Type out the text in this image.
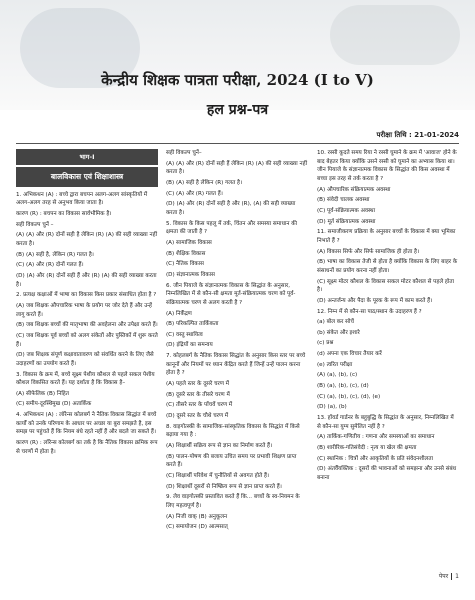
केन्द्रीय शिक्षक पात्रता परीक्षा, 2024 (I to V)
हल प्रश्न-पत्र
परीक्षा तिथि : 21-01-2024
भाग-I
बालविकास एवं शिक्षाशास्त्र
1. अभिकथन (A) : बच्चे द्वारा बचपन अलग-अलग सांस्कृतियों में अलग-अलग तरह से अनुभव किया जाता है।
कारण (R) : बचपन का विकास सार्वभौमिक है।
सही विकल्प चुनें –
(A) (A) और (R) दोनों सही है लेकिन (R) (A) की सही व्याख्या नहीं करता है।
(B) (A) सही है, लेकिन (R) गलत है।
(C) (A) और (R) दोनों गलत हैं।
(D) (A) और (R) दोनों सही हैं और (R) (A) की सही व्याख्या करता है।
2. प्रत्यक्ष कक्षाओं में भाषा का विकास किस प्रकार संसाधित होता है ?
(A) जब शिक्षक औपचारिक भाषा के प्रयोग पर जोर देते हैं और उन्हें लागू करते हैं।
(B) जब शिक्षक बच्चों की मातृभाषा की अवहेलना और उपेक्षा करते हैं।
(C) जब शिक्षक पूर्व बच्चों को अलग संकेतों और पुस्तिकों में शुरू करते हैं।
(D) जब शिक्षक संपूर्ण कक्षावातावरण को संवर्धित करने के लिए जैसे उदाहरणों का उपयोग करते हैं।
3. विकास के क्रम में, बच्चे सूक्ष्म पेशीय कौशल से पहले सकल पेशीय कौशल विकसित करते हैं। यह दर्शाता है कि विकास है–
(A) सीफेलिक (B) निहित
(C) समीप-दूरस्थिमुख (D) अतार्किक
4. अभिकथन (A) : लॉरेन्स कोलबर्ग ने नैतिक विकास सिद्धांत में बच्चे कार्यों को उनके परिणाम के आधार पर अच्छा या बुरा समझते है, इस समझ पर पहुंचते हैं कि नियम बंधे रहते नहीं हैं और बदले जा सकते हैं।
कारण (R) : लॉरेन्स कोलबर्ग का तर्क है कि नैतिक विकास क्रमिक रूप से चरणों में होता है।
सही विकल्प चुनें–
(A) (A) और (R) दोनों सही हैं लेकिन (R) (A) की सही व्याख्या नहीं करता है।
(B) (A) सही है लेकिन (R) गलत है।
(C) (A) और (R) गलत हैं।
(D) (A) और (R) दोनों सही है और (R), (A) की सही व्याख्या करता है।
5. विकास के किस पहलू में तर्क, चिंतन और समस्या समाधान की क्षमता की जाती है ?
(A) सामाजिक विकास
(B) शैक्षिक विकास
(C) नैतिक विकास
(D) संज्ञानात्मक विकास
6. जीन पियाजे के संज्ञानात्मक विकास के सिद्धांत के अनुसार, निम्नलिखित में से कौन-सी क्षमता मूर्त-संक्रियात्मक चरण को पूर्व-संक्रियात्मक चरण से अलग करती है ?
(A) निर्केंद्रण
(B) परिकल्पित तार्किकता
(C) वस्तु स्थायित्व
(D) इंद्रियों का समन्वय
7. कोहलबर्ग के नैतिक विकास सिद्धांत के अनुसार किस स्तर पर बच्चे कानूनों और नियमों पर ध्यान केंद्रित करते हैं जिन्हें उन्हें पालन करना होता है ?
(A) पहले स्तर के दूसरे चरण में
(B) दूसरे स्तर के तीसरे चरण में
(C) तीसरे स्तर के पाँचवें चरण में
(D) दूसरे स्तर के चौथे चरण में
8. वाइगोत्स्की के सामाजिक-सांस्कृतिक विकास के सिद्धांत में किसे बढ़ाया गया है :
(A) शिक्षार्थी सक्रिय रूप से ज्ञान का निर्माण करते हैं।
(B) पालन-पोषण की बजाय उचित समय पर प्रभावी शिक्षण प्राप्त करते हैं।
(C) शिक्षार्थी परिवेश में चुनौतियों से अवगत होते हैं।
(D) शिक्षार्थी दूसरों से निष्क्रिय रूप से ज्ञान प्राप्त करते हैं।
9. लेव वाइगोत्स्की प्रस्तावित करते हैं कि... बच्चों के स्व-नियमन के लिए महत्वपूर्ण है।
(A) निजी वाक् (B) अनुकूलन
(C) समायोजन (D) आत्मसात्
10. रस्सी कूदते समय रिया ने रस्सी घुमाने के क्रम में 'आवाज' होने के बाद बेहतर किया क्योंकि उसने रस्सी को घुमाने का अभ्यास किया था। जीन पियाजे के संज्ञानात्मक विकास के सिद्धांत की किस अवस्था में बच्चा इस तरह से तर्क करता है ?
(A) औपचारिक संक्रियात्मक अवस्था
(B) संवेदी चालक अवस्था
(C) पूर्व-संक्रियात्मक अवस्था
(D) मूर्त संक्रियात्मक अवस्था
11. समाजीकरण प्रक्रिया के अनुसार बच्चों के विकास में क्या भूमिका निभाते हैं ?
(A) विकास सिर्फ और सिर्फ सामाजिक ही होता है।
(B) भाषा का विकास तेजी से होता है क्योंकि विकास के लिए बाहर के संसाधनों का प्रयोग करना नहीं होता।
(C) सूक्ष्म मोटर कौशल के विकास सकल मोटर कौशल से पहले होता है।
(D) अन्तर्जन्य और पैदा के पूरक के रूप में काम करते हैं।
12. निम्न में से कौन-सा पाठ/स्थान के उदाहरण हैं ?
(a) बोल कर सोचें
(b) संकेत और इशारे
(c) प्रश्न
(d) अपना एक विचार तैयार करें
(e) त्वरित परीक्षा
(A) (a), (b), (c)
(B) (a), (b), (c), (d)
(C) (a), (b), (c), (d), (e)
(D) (a), (b)
13. हॉवर्ड गार्डनर के बहुबुद्धि के सिद्धांत के अनुसार, निम्नलिखित में से कौन-सा युग्म सुमेलित नहीं है ?
(A) तार्किक-गणितीय : गणना और समस्याओं का समाधान
(B) शारीरिक-गतिसंवेदी : नृत्य या खेल की क्षमता
(C) स्थानिक : चित्रों और आकृतियों के प्रति संवेदनशीलता
(D) अंतर्वैयक्तिक : दूसरों की भावनाओं को समझना और उनसे संबंध बनाना
पेपर 1
